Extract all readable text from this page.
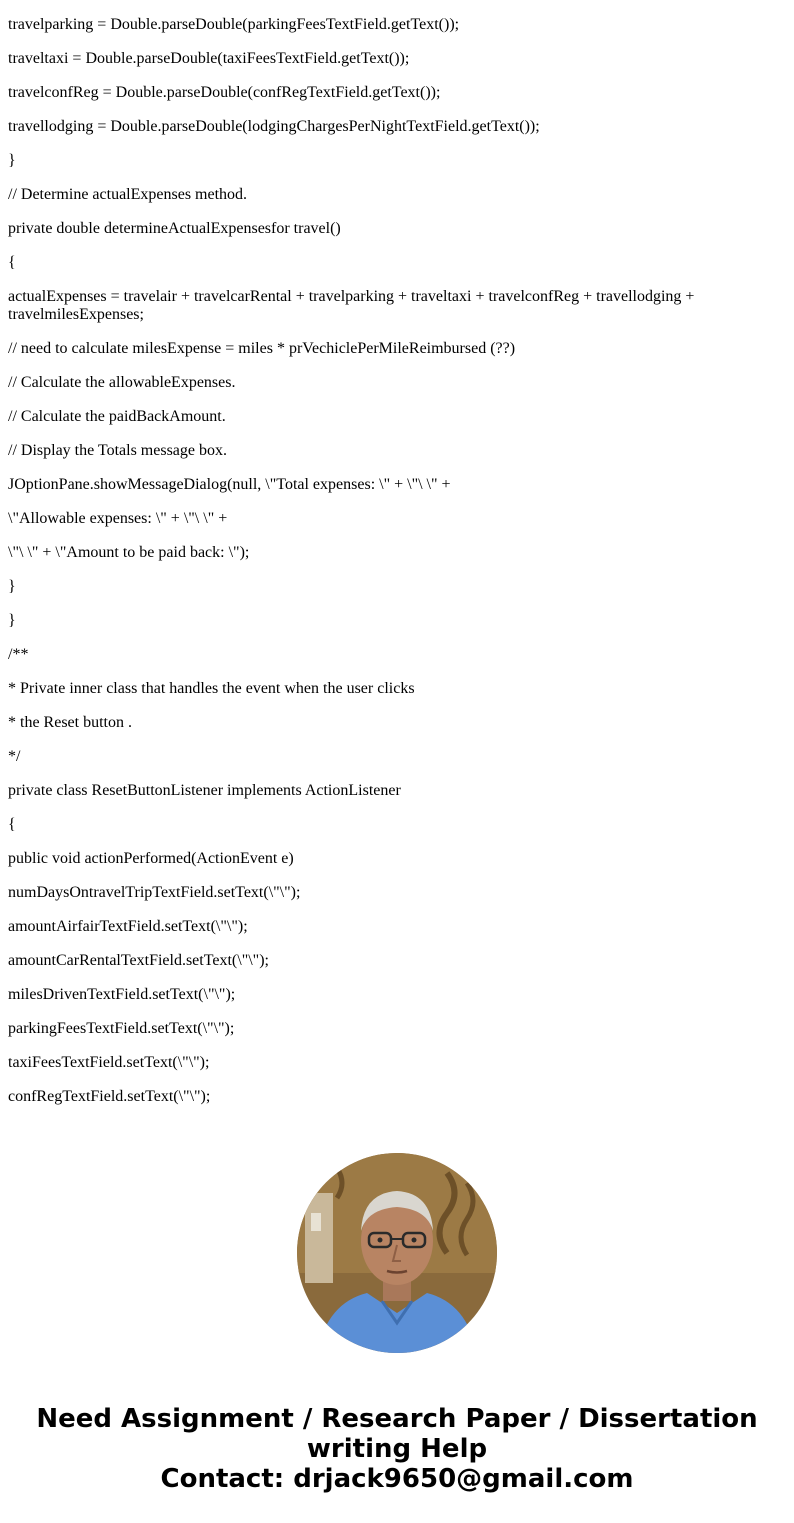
travelparking = Double.parseDouble(parkingFeesTextField.getText());

traveltaxi = Double.parseDouble(taxiFeesTextField.getText());

travelconfReg = Double.parseDouble(confRegTextField.getText());

travellodging = Double.parseDouble(lodgingChargesPerNightTextField.getText());

}

// Determine actualExpenses method.

private double determineActualExpensesfor travel()

{

actualExpenses = travelair + travelcarRental + travelparking + traveltaxi + travelconfReg + travellodging + travelmilesExpenses;

// need to calculate milesExpense = miles * prVechiclePerMileReimbursed (??)

// Calculate the allowableExpenses.

// Calculate the paidBackAmount.

// Display the Totals message box.

JOptionPane.showMessageDialog(null, \"Total expenses: \" + \"\ \" +

\"Allowable expenses: \" + \"\ \" +

\"\ \" + \"Amount to be paid back: \");

}

}

/**

* Private inner class that handles the event when the user clicks

* the Reset button .

*/

private class ResetButtonListener implements ActionListener

{

public void actionPerformed(ActionEvent e)

numDaysOntravelTripTextField.setText(\"\");

amountAirfairTextField.setText(\"\");

amountCarRentalTextField.setText(\"\");

milesDrivenTextField.setText(\"\");

parkingFeesTextField.setText(\"\");

taxiFeesTextField.setText(\"\");

confRegTextField.setText(\"\");

Need Assignment / Research Paper / Dissertation
writing Help
Contact: drjack9650@gmail.com
